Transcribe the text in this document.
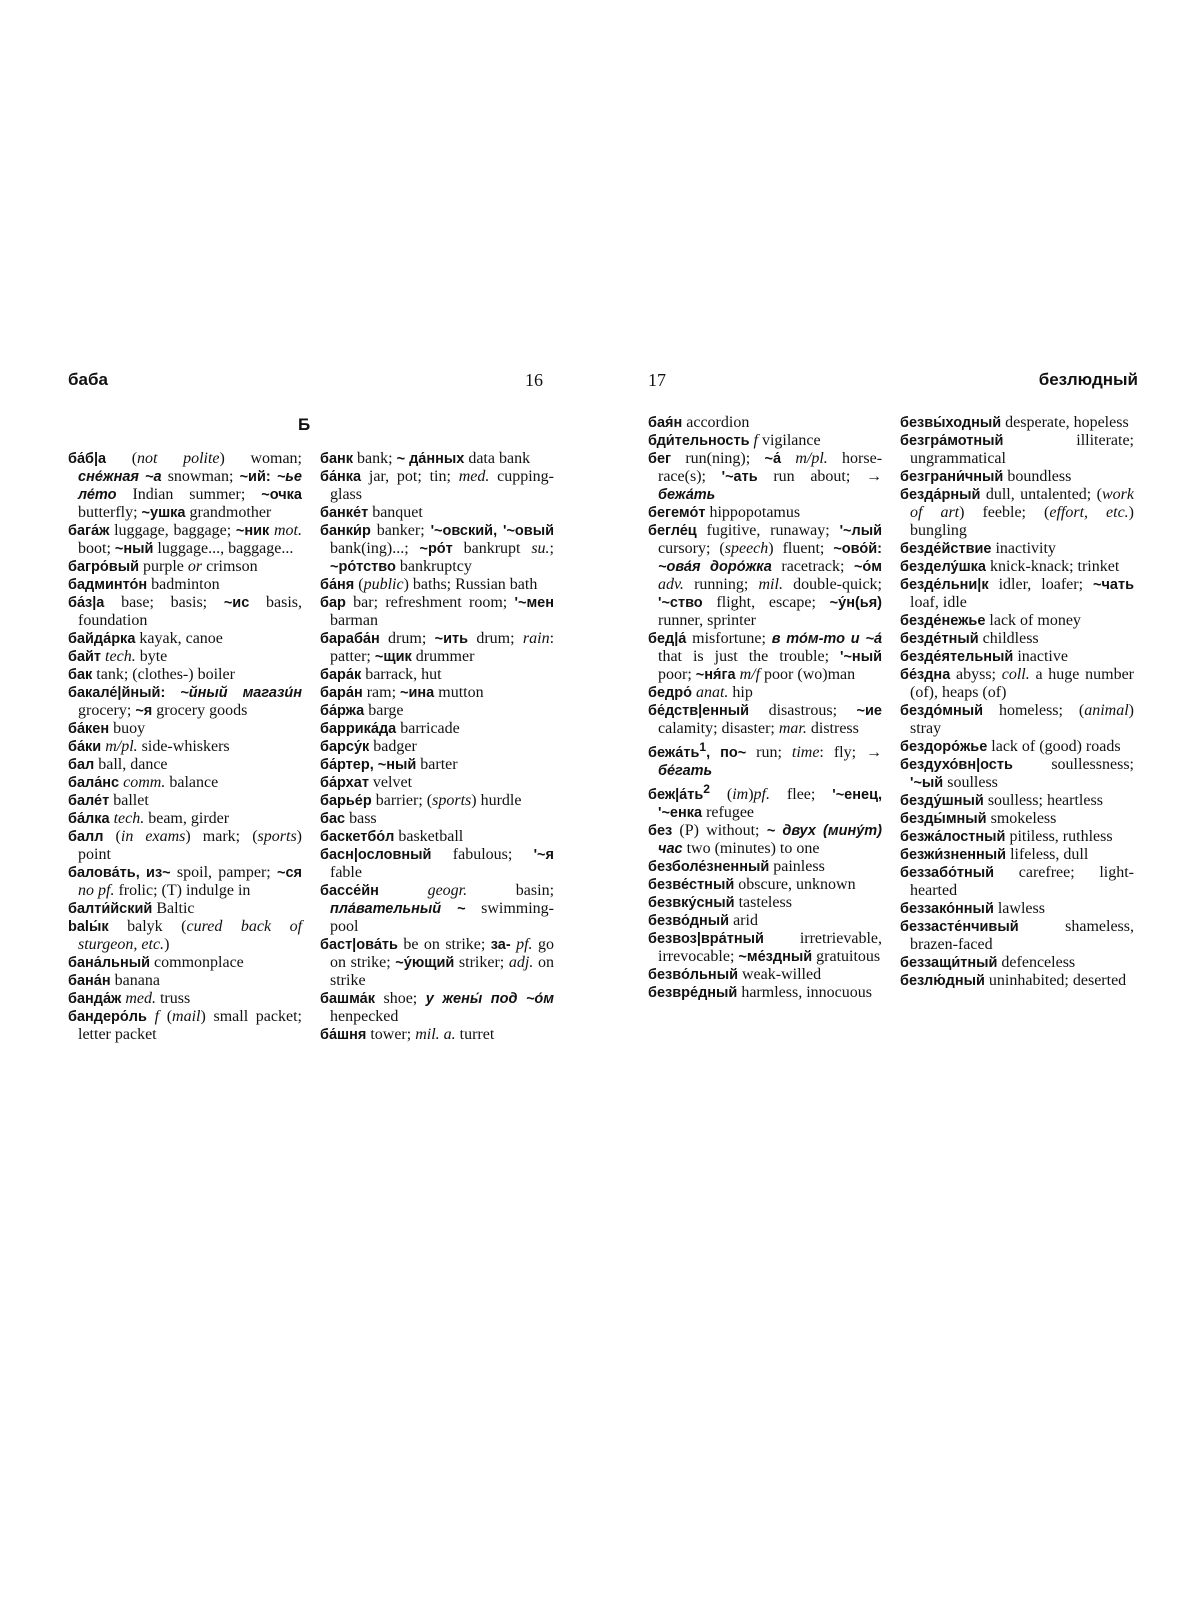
баба	16
Б

ба́б|а (not polite) woman; сне́жная ~а snowman; ~ий: ~ье ле́то Indian summer; ~очка butterfly; ~ушка grandmother

бага́ж luggage, baggage; ~ник mot. boot; ~ный luggage..., baggage...

багро́вый purple or crimson

бадминто́н badminton

ба́з|а base; basis; ~ис basis, foundation

байда́рка kayak, canoe

байт tech. byte

бак tank; (clothes-) boiler

бакале́|йный: ~йный магази́н grocery; ~я grocery goods

ба́кен buoy

ба́ки m/pl. side-whiskers

бал ball, dance

бала́нс comm. balance

бале́т ballet

ба́лка tech. beam, girder

балл (in exams) mark; (sports) point

балова́ть, из~ spoil, pamper; ~ся no pf. frolic; (T) indulge in

балти́йский Baltic

balы́к balyk (cured back of sturgeon, etc.)

бана́льный commonplace

бана́н banana

банда́ж med. truss

бандеро́ль f (mail) small packet; letter packet

банк bank; ~ да́нных data bank

ба́нка jar, pot; tin; med. cupping-glass

банке́т banquet

банки́р banker; '~овский, '~овый bank(ing)...; ~ро́т bankrupt su.; ~ро́тство bankruptcy

ба́ня (public) baths; Russian bath

бар bar; refreshment room; '~мен barman

бараба́н drum; ~ить drum; rain: patter; ~щик drummer

бара́к barrack, hut

бара́н ram; ~ина mutton

ба́ржа barge

баррика́да barricade

барсу́к badger

ба́ртер, ~ный barter

ба́рхат velvet

барье́р barrier; (sports) hurdle

бас bass

баскетбо́л basketball

басн|ословный fabulous; '~я fable

бассе́йн	geogr. basin; пла́вательный ~ swimming-pool

баст|ова́ть be on strike; за- pf. go on strike; ~у́ющий striker; adj. on strike

башма́к shoe; у жены́ под ~о́м henpecked

ба́шня tower; mil. a. turret

17	безлюдный

бая́н accordion

бди́тельность f vigilance

бег run(ning); ~а́ m/pl. horse-race(s); '~ать run about; → бежа́ть

бегемо́т hippopotamus

бегле́ц fugitive, runaway; '~лый cursory; (speech) fluent; ~ово́й: ~ова́я доро́жка racetrack; ~о́м adv. running; mil. double-quick; '~ство flight, escape; ~у́н(ья) runner, sprinter

бед|а́ misfortune; в то́м-то и ~а́ that is just the trouble; '~ный poor; ~ня́га m/f poor (wo)man

бедро́ anat. hip

бе́дств|енный disastrous; ~ие calamity; disaster; mar. distress

$бежа́ть^1$, по~ run; time: fly; → бе́гать

$беж|а́ть^2$ (im)pf. flee; '~енец, '~енка refugee

без (P) without; ~ двух (мину́т) час two (minutes) to one

безболе́зненный painless

безве́стный obscure, unknown

безвку́сный tasteless

безво́дный arid

безвоз|вра́тный irretrievable, irrevocable; ~ме́здный gratuitous

безво́льный weak-willed

безвре́дный harmless, innocuous

безвы́ходный desperate, hopeless

безгра́мотный illiterate; ungrammatical

безграни́чный boundless

безда́рный dull, untalented; (work of art) feeble; (effort, etc.) bungling

безде́йствие inactivity

безделу́шка knick-knack; trinket

безде́льни|к idler, loafer; ~чать loaf, idle

безде́нежье lack of money

безде́тный childless

безде́ятельный inactive

бе́здна abyss; coll. a huge number (of), heaps (of)

бездо́мный homeless; (animal) stray

бездоро́жье lack of (good) roads

бездухо́вн|ость soullessness; '~ый soulless

безду́шный soulless; heartless

безды́мный smokeless

безжа́лостный pitiless, ruthless

безжи́зненный lifeless, dull

беззабо́тный carefree; light-hearted

беззако́нный lawless

беззасте́нчивый shameless, brazen-faced

беззащи́тный defenceless

безлю́дный uninhabited; deserted
